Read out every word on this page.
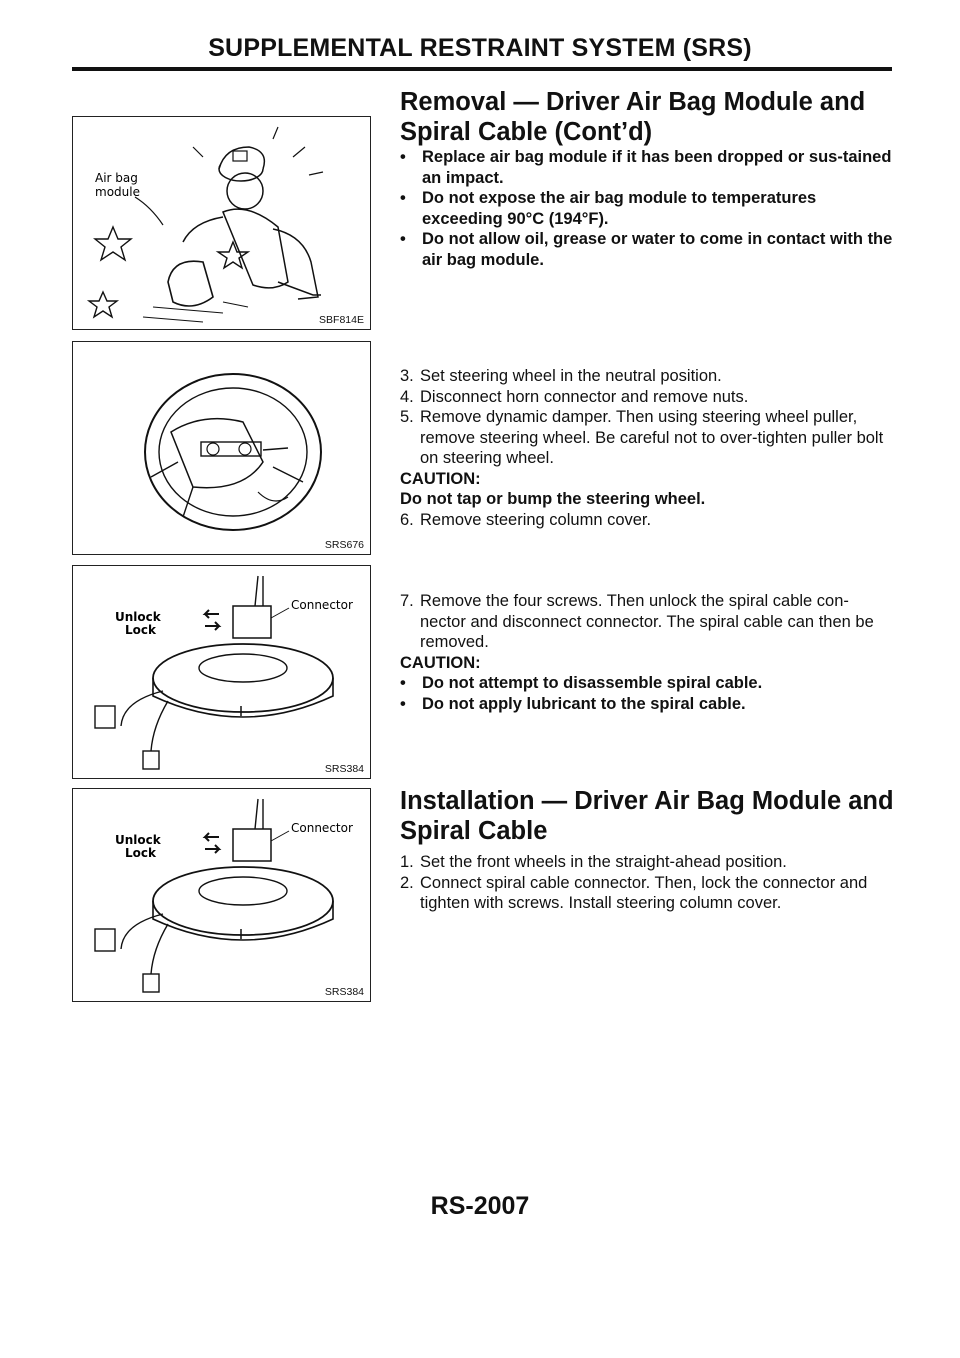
SUPPLEMENTAL RESTRAINT SYSTEM (SRS)
Removal — Driver Air Bag Module and
Spiral Cable (Cont’d)
Air bag
module
SBF814E
• Replace air bag module if it has been dropped or sus-tained an impact.
• Do not expose the air bag module to temperatures exceeding 90°C (194°F).
• Do not allow oil, grease or water to come in contact with the air bag module.
SRS676
3. Set steering wheel in the neutral position.
4. Disconnect horn connector and remove nuts.
5. Remove dynamic damper. Then using steering wheel puller, remove steering wheel. Be careful not to over-tighten puller bolt on steering wheel.

CAUTION:

Do not tap or bump the steering wheel.

6. Remove steering column cover.
Unlock
Lock
Connector
SRS384
7. Remove the four screws. Then unlock the spiral cable con-nector and disconnect connector. The spiral cable can then be removed.

CAUTION:

• Do not attempt to disassemble spiral cable.
• Do not apply lubricant to the spiral cable.
Installation — Driver Air Bag Module and
Spiral Cable
Unlock
Lock
Connector
SRS384
1. Set the front wheels in the straight-ahead position.
2. Connect spiral cable connector. Then, lock the connector and tighten with screws. Install steering column cover.
RS-2007
